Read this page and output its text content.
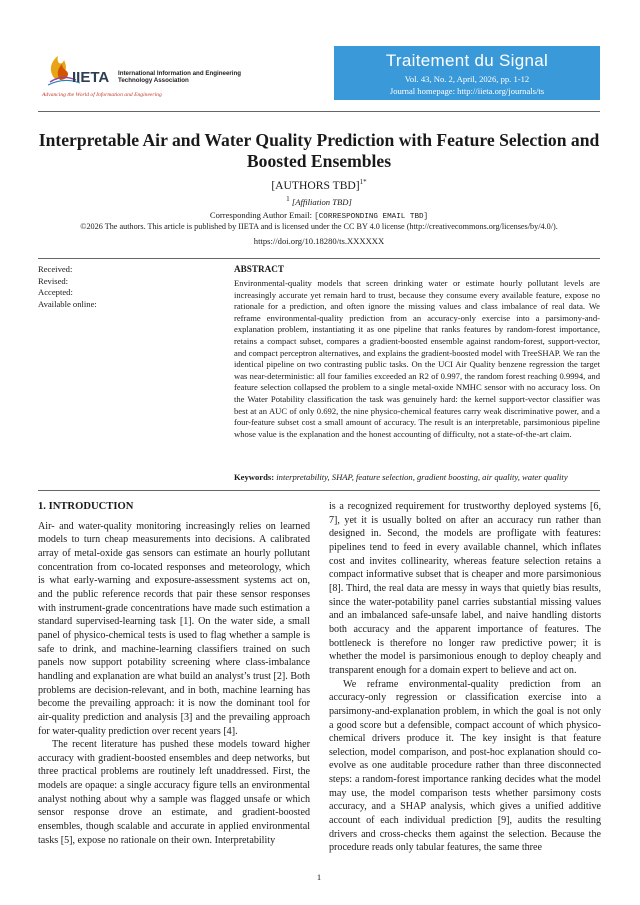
IIETA International Information and Engineering Technology Association
Advancing the World of Information and Engineering
Traitement du Signal
Vol. 43, No. 2, April, 2026, pp. 1-12
Journal homepage: http://iieta.org/journals/ts
Interpretable Air and Water Quality Prediction with Feature Selection and Boosted Ensembles
[AUTHORS TBD]$^{1*}$
$^1$ [Affiliation TBD]
Corresponding Author Email: [CORRESPONDING EMAIL TBD]
©2026 The authors. This article is published by IIETA and is licensed under the CC BY 4.0 license (http://creativecommons.org/licenses/by/4.0/).
https://doi.org/10.18280/ts.XXXXXX
Received:
Revised:
Accepted:
Available online:
ABSTRACT
Environmental-quality models that screen drinking water or estimate hourly pollutant levels are increasingly accurate yet remain hard to trust, because they consume every available feature, expose no rationale for a prediction, and often ignore the missing values and class imbalance of real data. We reframe environmental-quality prediction from an accuracy-only exercise into a parsimony-and-explanation problem, instantiating it as one pipeline that ranks features by random-forest importance, retains a compact subset, compares a gradient-boosted ensemble against random-forest, support-vector, and compact perceptron alternatives, and explains the gradient-boosted model with TreeSHAP. We ran the identical pipeline on two contrasting public tasks. On the UCI Air Quality benzene regression the target was near-deterministic: all four families exceeded an R2 of 0.997, the random forest reaching 0.9994, and feature selection collapsed the problem to a single metal-oxide NMHC sensor with no accuracy loss. On the Water Potability classification the task was genuinely hard: the kernel support-vector classifier was best at an AUC of only 0.692, the nine physico-chemical features carry weak discriminative power, and a four-feature subset cost a small amount of accuracy. The result is an interpretable, parsimonious pipeline whose value is the explanation and the honest accounting of difficulty, not a state-of-the-art claim.
Keywords: interpretability, SHAP, feature selection, gradient boosting, air quality, water quality
1. INTRODUCTION

Air- and water-quality monitoring increasingly relies on learned models to turn cheap measurements into decisions. A calibrated array of metal-oxide gas sensors can estimate an hourly pollutant concentration from co-located responses and meteorology, which is what early-warning and exposure-assessment systems act on, and the public reference records that pair these sensor responses with instrument-grade concentrations have made such estimation a standard supervised-learning task [1]. On the water side, a small panel of physico-chemical tests is used to flag whether a sample is safe to drink, and machine-learning classifiers trained on such panels now support potability screening where class-imbalance handling and explanation are what build an analyst’s trust [2]. Both problems are decision-relevant, and in both, machine learning has become the prevailing approach: it is now the dominant tool for air-quality prediction and analysis [3] and the prevailing approach for water-quality prediction over recent years [4].

The recent literature has pushed these models toward higher accuracy with gradient-boosted ensembles and deep networks, but three practical problems are routinely left unaddressed. First, the models are opaque: a single accuracy figure tells an environmental analyst nothing about why a sample was flagged unsafe or which sensor response drove an estimate, and gradient-boosted ensembles, though scalable and accurate in applied environmental tasks [5], expose no rationale on their own. Interpretability

is a recognized requirement for trustworthy deployed systems [6, 7], yet it is usually bolted on after an accuracy run rather than designed in. Second, the models are profligate with features: pipelines tend to feed in every available channel, which inflates cost and invites collinearity, whereas feature selection retains a compact informative subset that is cheaper and more parsimonious [8]. Third, the real data are messy in ways that quietly bias results, since the water-potability panel carries substantial missing values and an imbalanced safe-unsafe label, and naive handling distorts both accuracy and the apparent importance of features. The bottleneck is therefore no longer raw predictive power; it is whether the model is parsimonious enough to deploy cheaply and transparent enough for a domain expert to believe and act on.

We reframe environmental-quality prediction from an accuracy-only regression or classification exercise into a parsimony-and-explanation problem, in which the goal is not only a good score but a defensible, compact account of which physico-chemical drivers produce it. The key insight is that feature selection, model comparison, and post-hoc explanation should co-evolve as one auditable procedure rather than three disconnected steps: a random-forest importance ranking decides what the model may use, the model comparison tests whether parsimony costs accuracy, and a SHAP analysis, which gives a unified additive account of each individual prediction [9], audits the resulting drivers and cross-checks them against the selection. Because the procedure reads only tabular features, the same three

1
